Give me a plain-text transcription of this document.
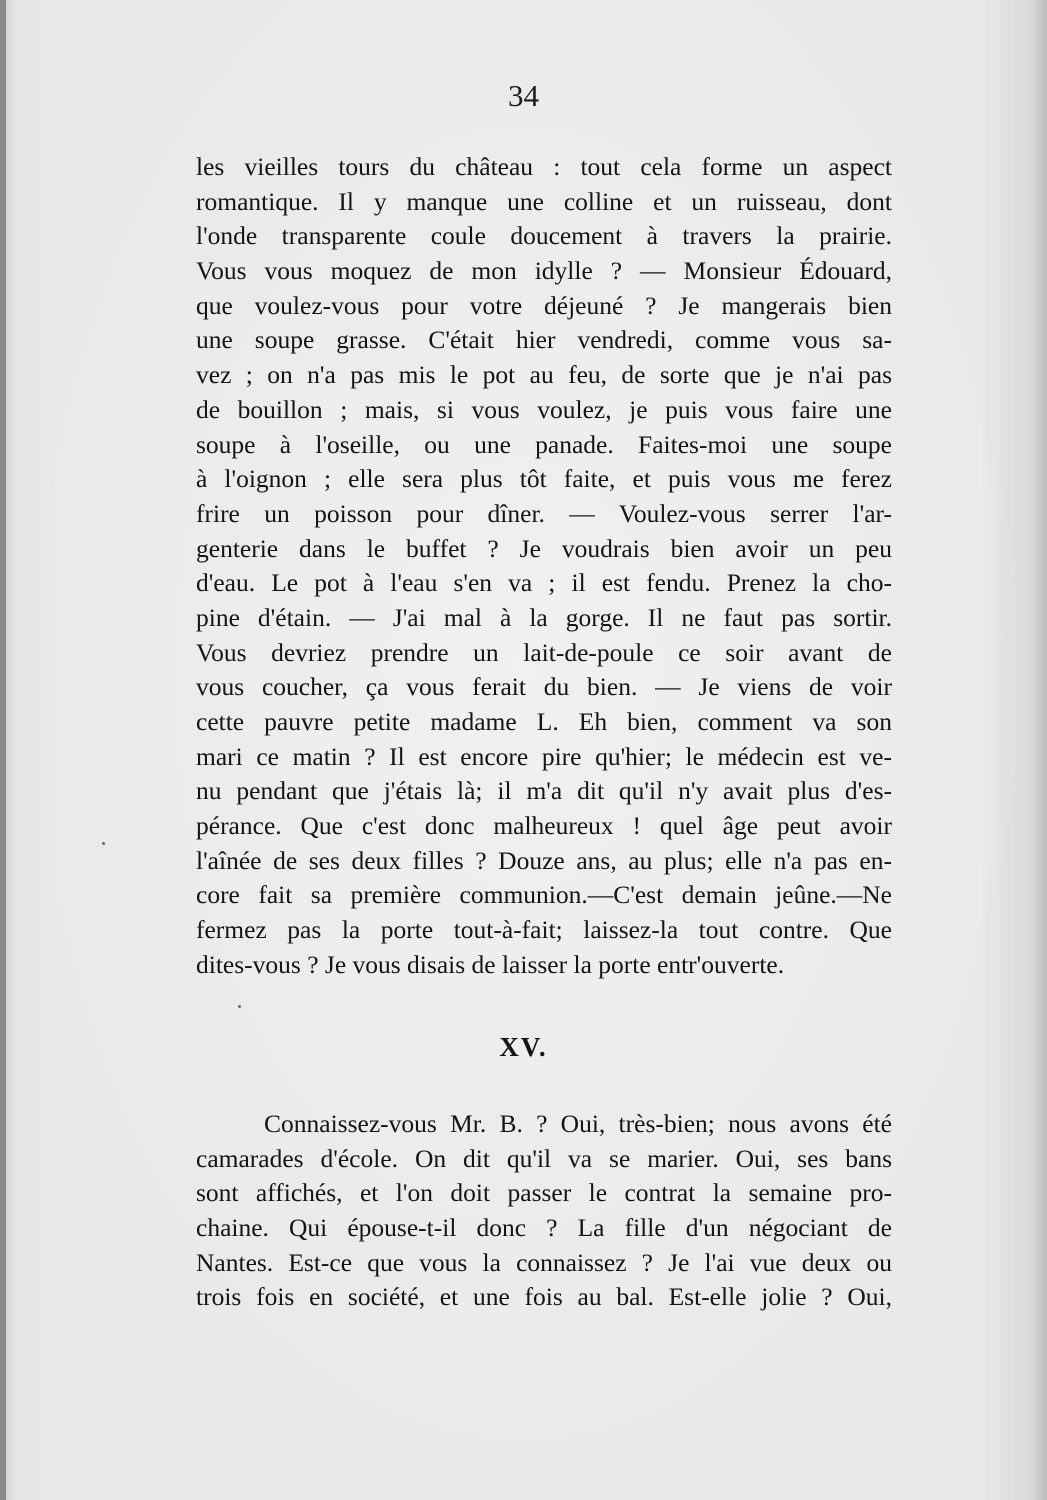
34
les vieilles tours du château : tout cela forme un aspect
romantique. Il y manque une colline et un ruisseau, dont
l'onde transparente coule doucement à travers la prairie.
Vous vous moquez de mon idylle ? — Monsieur Édouard,
que voulez-vous pour votre déjeuné ? Je mangerais bien
une soupe grasse. C'était hier vendredi, comme vous sa-
vez ; on n'a pas mis le pot au feu, de sorte que je n'ai pas
de bouillon ; mais, si vous voulez, je puis vous faire une
soupe à l'oseille, ou une panade. Faites-moi une soupe
à l'oignon ; elle sera plus tôt faite, et puis vous me ferez
frire un poisson pour dîner. — Voulez-vous serrer l'ar-
genterie dans le buffet ? Je voudrais bien avoir un peu
d'eau. Le pot à l'eau s'en va ; il est fendu. Prenez la cho-
pine d'étain. — J'ai mal à la gorge. Il ne faut pas sortir.
Vous devriez prendre un lait-de-poule ce soir avant de
vous coucher, ça vous ferait du bien. — Je viens de voir
cette pauvre petite madame L. Eh bien, comment va son
mari ce matin ? Il est encore pire qu'hier; le médecin est ve-
nu pendant que j'étais là; il m'a dit qu'il n'y avait plus d'es-
pérance. Que c'est donc malheureux ! quel âge peut avoir
l'aînée de ses deux filles ? Douze ans, au plus; elle n'a pas en-
core fait sa première communion.—C'est demain jeûne.—Ne
fermez pas la porte tout-à-fait; laissez-la tout contre. Que
dites-vous ? Je vous disais de laisser la porte entr'ouverte.
XV.
Connaissez-vous Mr. B. ? Oui, très-bien; nous avons été
camarades d'école. On dit qu'il va se marier. Oui, ses bans
sont affichés, et l'on doit passer le contrat la semaine pro-
chaine. Qui épouse-t-il donc ? La fille d'un négociant de
Nantes. Est-ce que vous la connaissez ? Je l'ai vue deux ou
trois fois en société, et une fois au bal. Est-elle jolie ? Oui,
